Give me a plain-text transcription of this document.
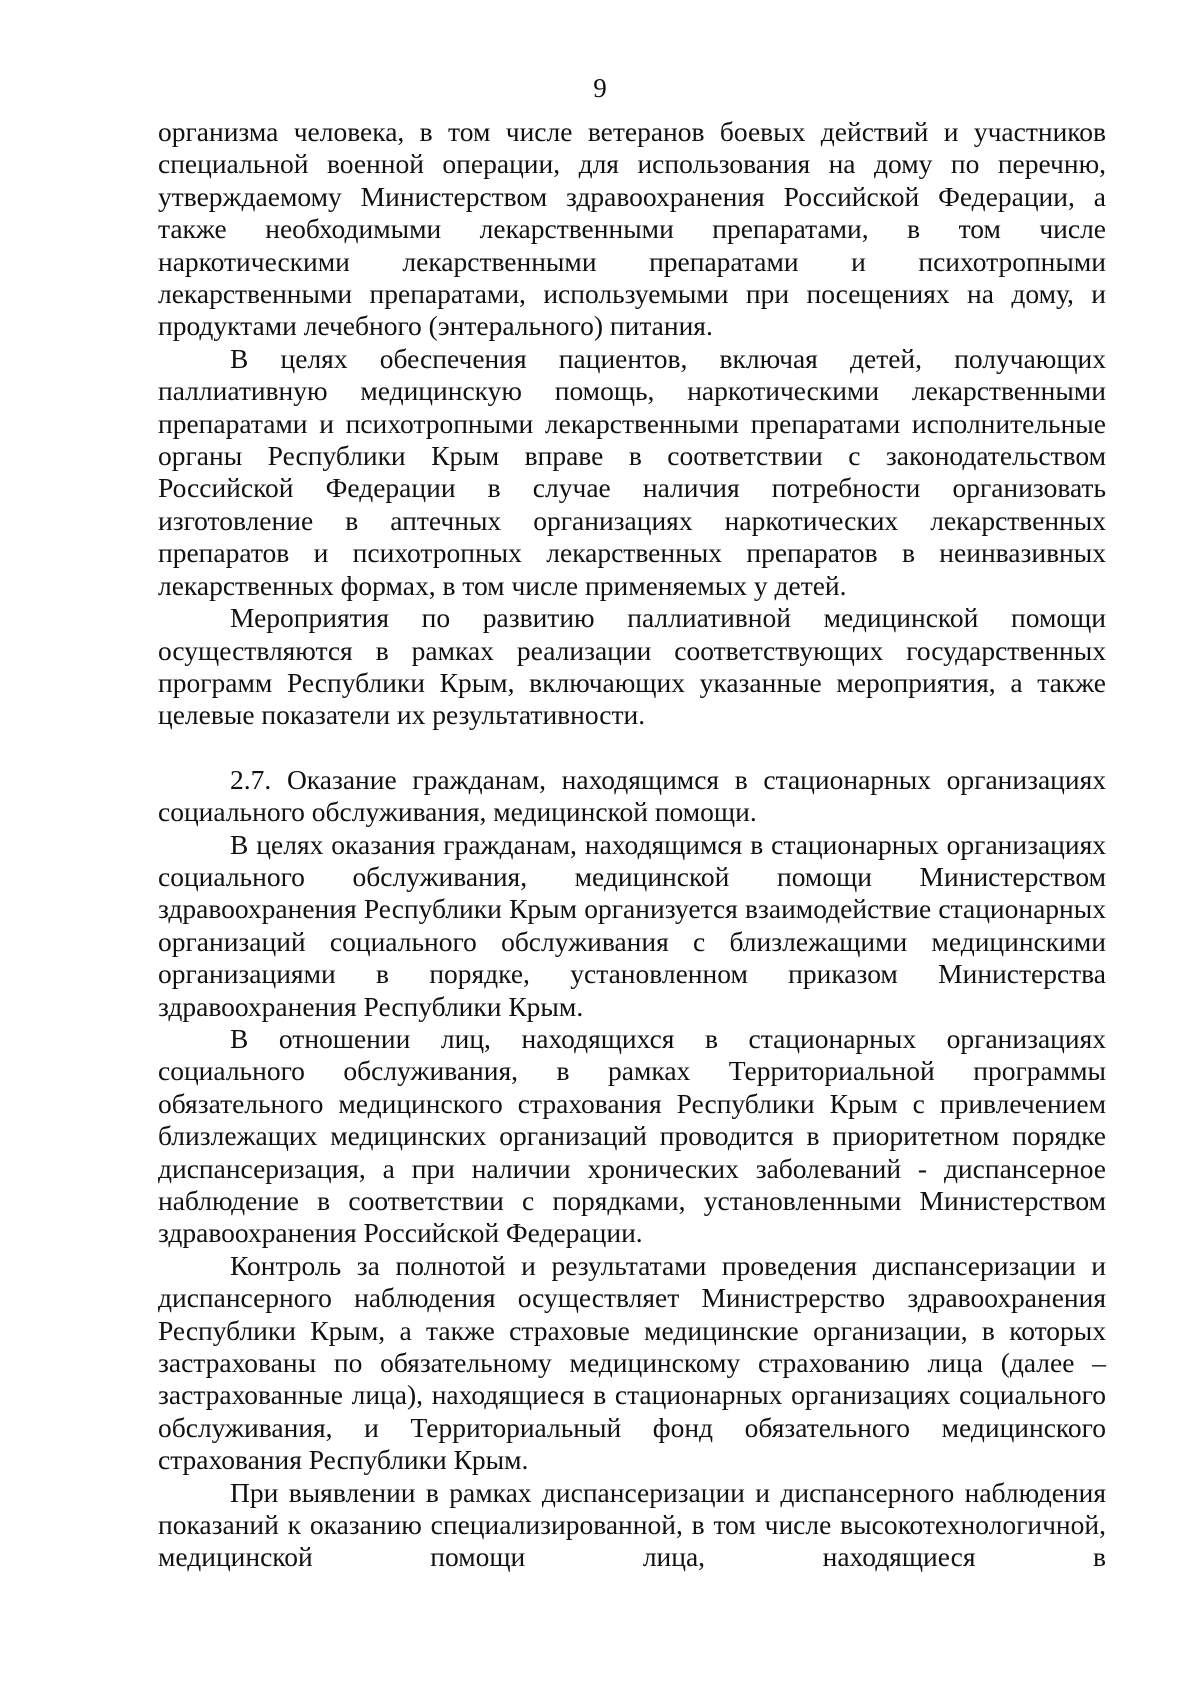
9

организма человека, в том числе ветеранов боевых действий и участников специальной военной операции, для использования на дому по перечню, утверждаемому Министерством здравоохранения Российской Федерации, а также необходимыми лекарственными препаратами, в том числе наркотическими лекарственными препаратами и психотропными лекарственными препаратами, используемыми при посещениях на дому, и продуктами лечебного (энтерального) питания.

В целях обеспечения пациентов, включая детей, получающих паллиативную медицинскую помощь, наркотическими лекарственными препаратами и психотропными лекарственными препаратами исполнительные органы Республики Крым вправе в соответствии с законодательством Российской Федерации в случае наличия потребности организовать изготовление в аптечных организациях наркотических лекарственных препаратов и психотропных лекарственных препаратов в неинвазивных лекарственных формах, в том числе применяемых у детей.

Мероприятия по развитию паллиативной медицинской помощи осуществляются в рамках реализации соответствующих государственных программ Республики Крым, включающих указанные мероприятия, а также целевые показатели их результативности.

2.7. Оказание гражданам, находящимся в стационарных организациях социального обслуживания, медицинской помощи.

В целях оказания гражданам, находящимся в стационарных организациях социального обслуживания, медицинской помощи Министерством здравоохранения Республики Крым организуется взаимодействие стационарных организаций социального обслуживания с близлежащими медицинскими организациями в порядке, установленном приказом Министерства здравоохранения Республики Крым.

В отношении лиц, находящихся в стационарных организациях социального обслуживания, в рамках Территориальной программы обязательного медицинского страхования Республики Крым с привлечением близлежащих медицинских организаций проводится в приоритетном порядке диспансеризация, а при наличии хронических заболеваний - диспансерное наблюдение в соответствии с порядками, установленными Министерством здравоохранения Российской Федерации.

Контроль за полнотой и результатами проведения диспансеризации и диспансерного наблюдения осуществляет Министрерство здравоохранения Республики Крым, а также страховые медицинские организации, в которых застрахованы по обязательному медицинскому страхованию лица (далее – застрахованные лица), находящиеся в стационарных организациях социального обслуживания, и Территориальный фонд обязательного медицинского страхования Республики Крым.

При выявлении в рамках диспансеризации и диспансерного наблюдения показаний к оказанию специализированной, в том числе высокотехнологичной, медицинской помощи лица, находящиеся в
